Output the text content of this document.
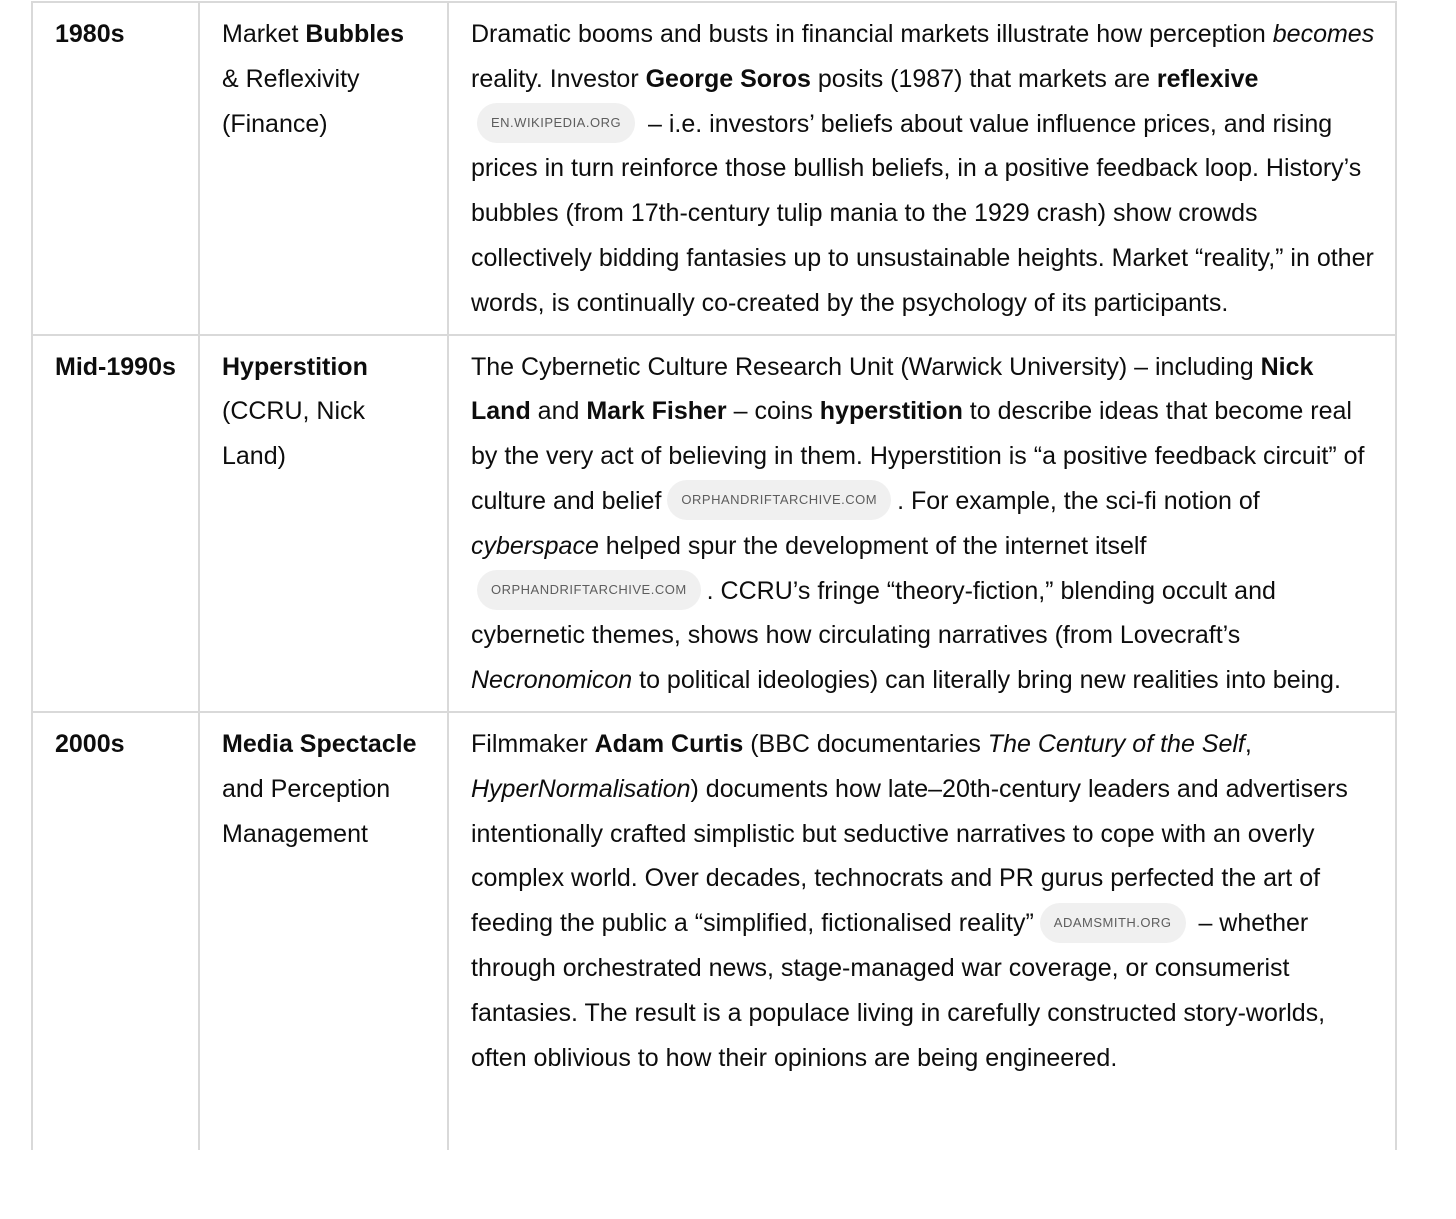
1980s	Market Bubbles & Reflexivity (Finance)	Dramatic booms and busts in financial markets illustrate how perception becomes reality. Investor George Soros posits (1987) that markets are reflexiveEN.WIKIPEDIA.ORG – i.e. investors’ beliefs about value influence prices, and rising prices in turn reinforce those bullish beliefs, in a positive feedback loop. History’s bubbles (from 17th-century tulip mania to the 1929 crash) show crowds collectively bidding fantasies up to unsustainable heights. Market “reality,” in other words, is continually co-created by the psychology of its participants.
Mid-1990s	Hyperstition (CCRU, Nick Land)	The Cybernetic Culture Research Unit (Warwick University) – including Nick Land and Mark Fisher – coins hyperstition to describe ideas that become real by the very act of believing in them. Hyperstition is “a positive feedback circuit” of culture and belief ORPHANDRIFTARCHIVE.COM . For example, the sci-fi notion of cyberspace helped spur the development of the internet itselfORPHANDRIFTARCHIVE.COM . CCRU’s fringe “theory-fiction,” blending occult and cybernetic themes, shows how circulating narratives (from Lovecraft’s Necronomicon to political ideologies) can literally bring new realities into being.
2000s	Media Spectacle and Perception Management	Filmmaker Adam Curtis (BBC documentaries The Century of the Self, HyperNormalisation) documents how late–20th-century leaders and advertisers intentionally crafted simplistic but seductive narratives to cope with an overly complex world. Over decades, technocrats and PR gurus perfected the art of feeding the public a “simplified, fictionalised reality” ADAMSMITH.ORG – whether through orchestrated news, stage-managed war coverage, or consumerist fantasies. The result is a populace living in carefully constructed story-worlds, often oblivious to how their opinions are being engineered.
